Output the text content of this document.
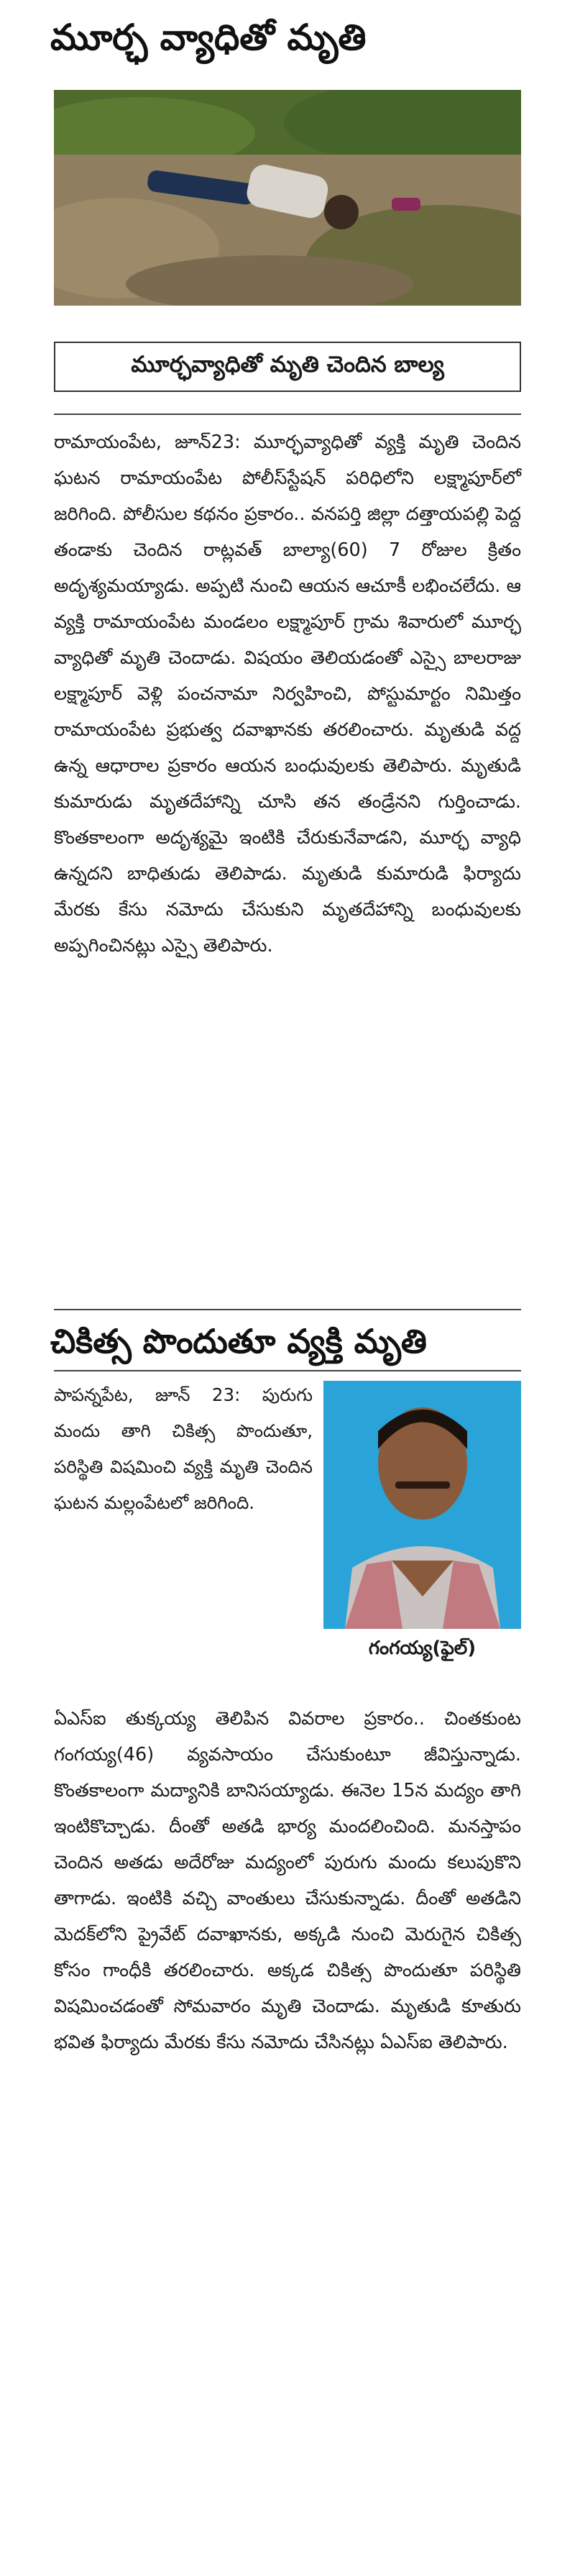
మూర్ఛ వ్యాధితో మృతి
మూర్ఛవ్యాధితో మృతి చెందిన బాల్య
రామాయంపేట, జూన్23: మూర్ఛవ్యాధితో వ్యక్తి మృతి చెందిన ఘటన రామాయంపేట పోలీస్‌స్టేషన్ పరిధిలోని లక్ష్మాపూర్‌లో జరిగింది. పోలీసుల కథనం ప్రకారం.. వనపర్తి జిల్లా దత్తాయపల్లి పెద్ద తండాకు చెందిన రాట్లవత్ బాల్యా(60) 7 రోజుల క్రితం అదృశ్యమయ్యాడు. అప్పటి నుంచి ఆయన ఆచూకీ లభించలేదు. ఆ వ్యక్తి రామాయంపేట మండలం లక్ష్మాపూర్ గ్రామ శివారులో మూర్ఛ వ్యాధితో మృతి చెందాడు. విషయం తెలియడంతో ఎస్సై బాలరాజు లక్ష్మాపూర్ వెళ్లి పంచనామా నిర్వహించి, పోస్టుమార్టం నిమిత్తం రామాయంపేట ప్రభుత్వ దవాఖానకు తరలించారు. మృతుడి వద్ద ఉన్న ఆధారాల ప్రకారం ఆయన బంధువులకు తెలిపారు. మృతుడి కుమారుడు మృతదేహాన్ని చూసి తన తండ్రేనని గుర్తించాడు. కొంతకాలంగా అదృశ్యమై ఇంటికి చేరుకునేవాడని, మూర్ఛ వ్యాధి ఉన్నదని బాధితుడు తెలిపాడు. మృతుడి కుమారుడి ఫిర్యాదు మేరకు కేసు నమోదు చేసుకుని మృతదేహాన్ని బంధువులకు అప్పగించినట్లు ఎస్సై తెలిపారు.
చికిత్స పొందుతూ వ్యక్తి మృతి
గంగయ్య(ఫైల్)
పాపన్నపేట, జూన్ 23: పురుగు మందు తాగి చికిత్స పొందుతూ, పరిస్థితి విషమించి వ్యక్తి మృతి చెందిన ఘటన మల్లంపేటలో జరిగింది.
ఏఎస్ఐ తుక్కయ్య తెలిపిన వివరాల ప్రకారం.. చింతకుంట గంగయ్య(46) వ్యవసాయం చేసుకుంటూ జీవిస్తున్నాడు. కొంతకాలంగా మద్యానికి బానిసయ్యాడు. ఈనెల 15న మద్యం తాగి ఇంటికొచ్చాడు. దీంతో అతడి భార్య మందలించింది. మనస్తాపం చెందిన అతడు అదేరోజు మద్యంలో పురుగు మందు కలుపుకొని తాగాడు. ఇంటికి వచ్చి వాంతులు చేసుకున్నాడు. దీంతో అతడిని మెదక్‌లోని ప్రైవేట్ దవాఖానకు, అక్కడి నుంచి మెరుగైన చికిత్స కోసం గాంధీకి తరలించారు. అక్కడ చికిత్స పొందుతూ పరిస్థితి విషమించడంతో సోమవారం మృతి చెందాడు. మృతుడి కూతురు భవిత ఫిర్యాదు మేరకు కేసు నమోదు చేసినట్లు ఏఎస్ఐ తెలిపారు.
